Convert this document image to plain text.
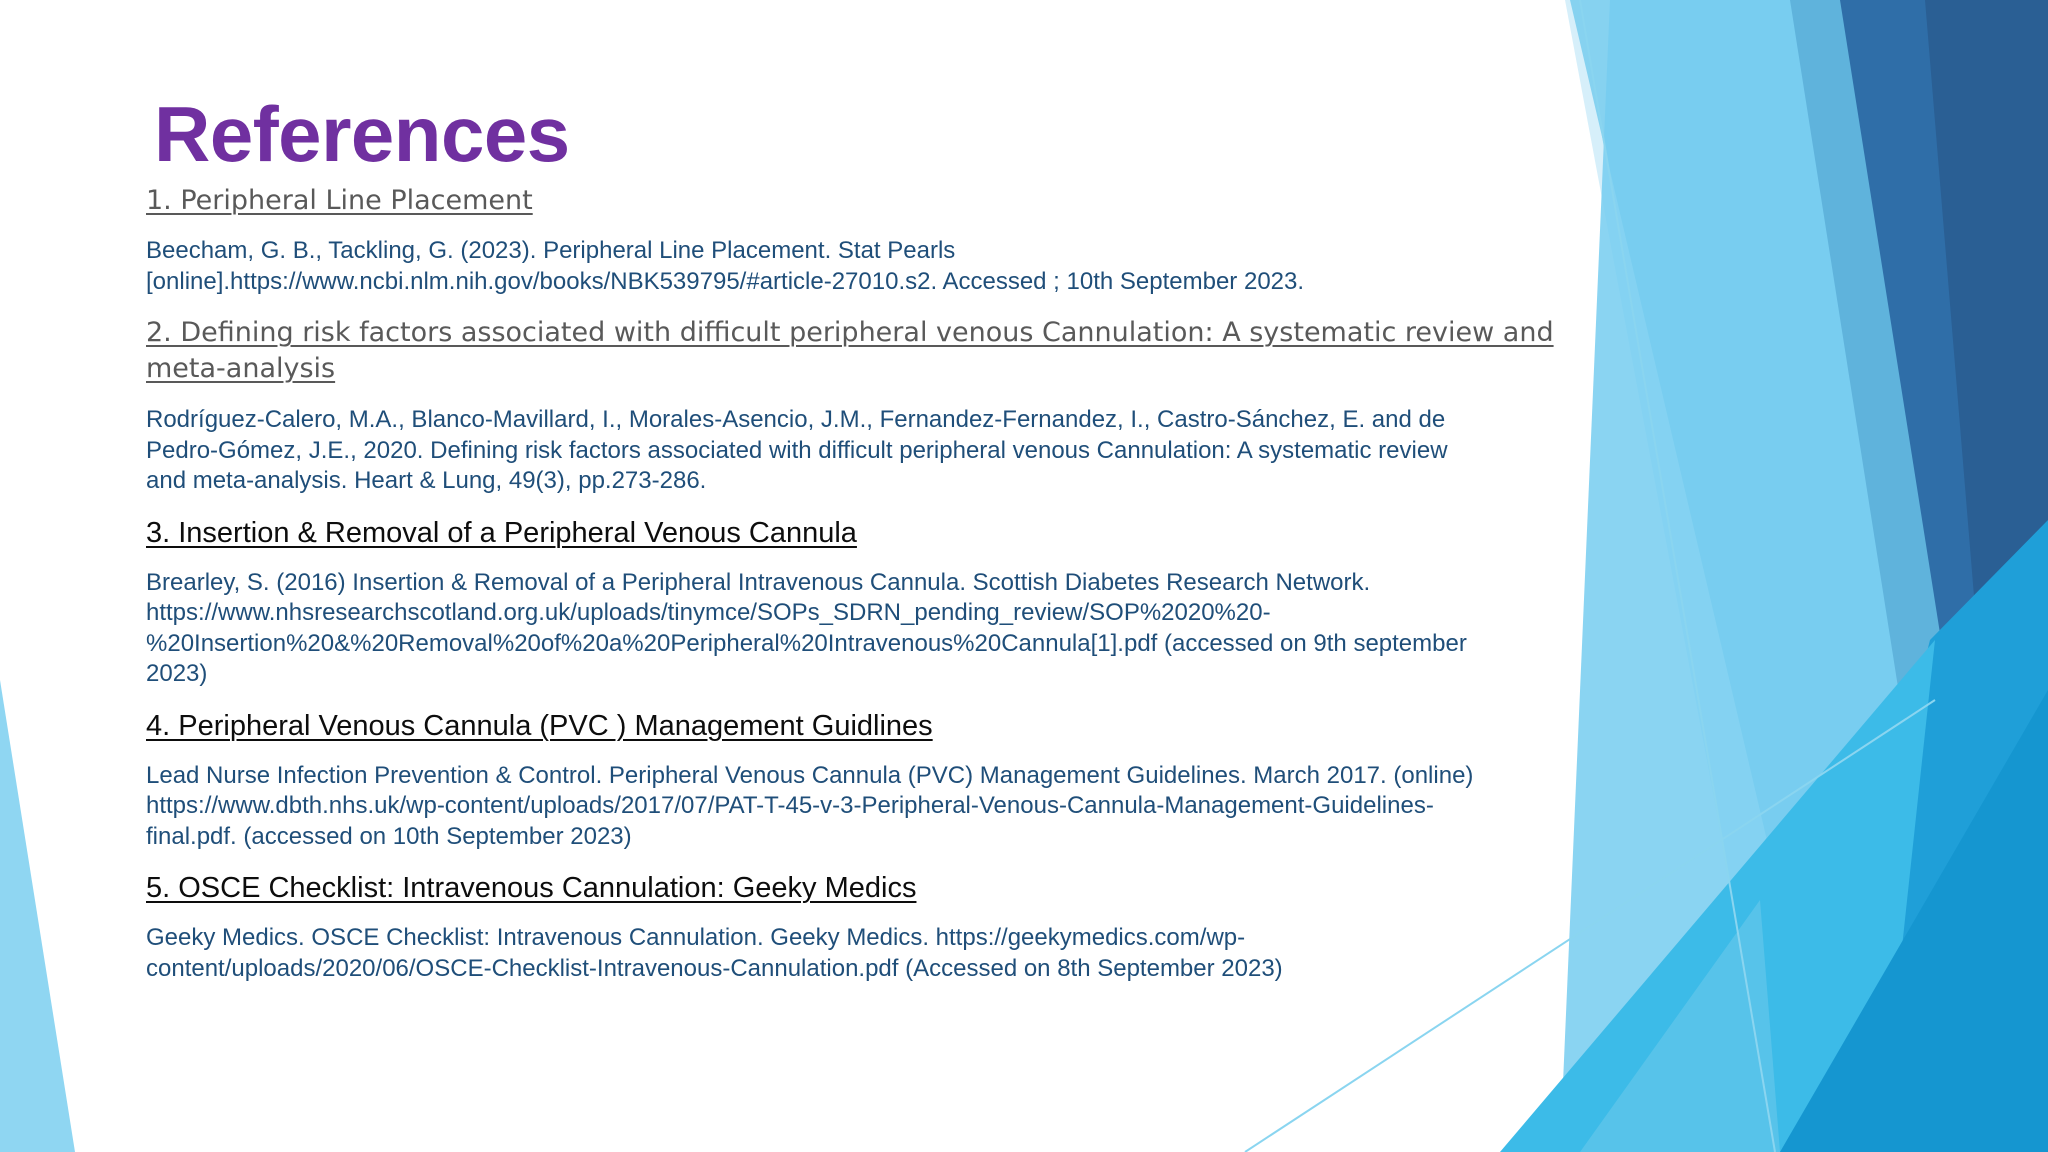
References
1. Peripheral Line Placement

Beecham, G. B., Tackling, G. (2023). Peripheral Line Placement. Stat Pearls

[online].https://www.ncbi.nlm.nih.gov/books/NBK539795/#article-27010.s2. Accessed ; 10th September 2023.

2. Defining risk factors associated with difficult peripheral venous Cannulation: A systematic review and
meta-analysis

Rodríguez-Calero, M.A., Blanco-Mavillard, I., Morales-Asencio, J.M., Fernandez-Fernandez, I., Castro-Sánchez, E. and de

Pedro-Gómez, J.E., 2020. Defining risk factors associated with difficult peripheral venous Cannulation: A systematic review

and meta-analysis. Heart & Lung, 49(3), pp.273-286.

3. Insertion & Removal of a Peripheral Venous Cannula

Brearley, S. (2016) Insertion & Removal of a Peripheral Intravenous Cannula. Scottish Diabetes Research Network.

https://www.nhsresearchscotland.org.uk/uploads/tinymce/SOPs_SDRN_pending_review/SOP%2020%20-

%20Insertion%20&%20Removal%20of%20a%20Peripheral%20Intravenous%20Cannula[1].pdf (accessed on 9th september

2023)

4. Peripheral Venous Cannula (PVC ) Management Guidlines

Lead Nurse Infection Prevention & Control. Peripheral Venous Cannula (PVC) Management Guidelines. March 2017. (online)

https://www.dbth.nhs.uk/wp-content/uploads/2017/07/PAT-T-45-v-3-Peripheral-Venous-Cannula-Management-Guidelines-

final.pdf. (accessed on 10th September 2023)

5. OSCE Checklist: Intravenous Cannulation: Geeky Medics

Geeky Medics. OSCE Checklist: Intravenous Cannulation. Geeky Medics. https://geekymedics.com/wp-

content/uploads/2020/06/OSCE-Checklist-Intravenous-Cannulation.pdf (Accessed on 8th September 2023)
